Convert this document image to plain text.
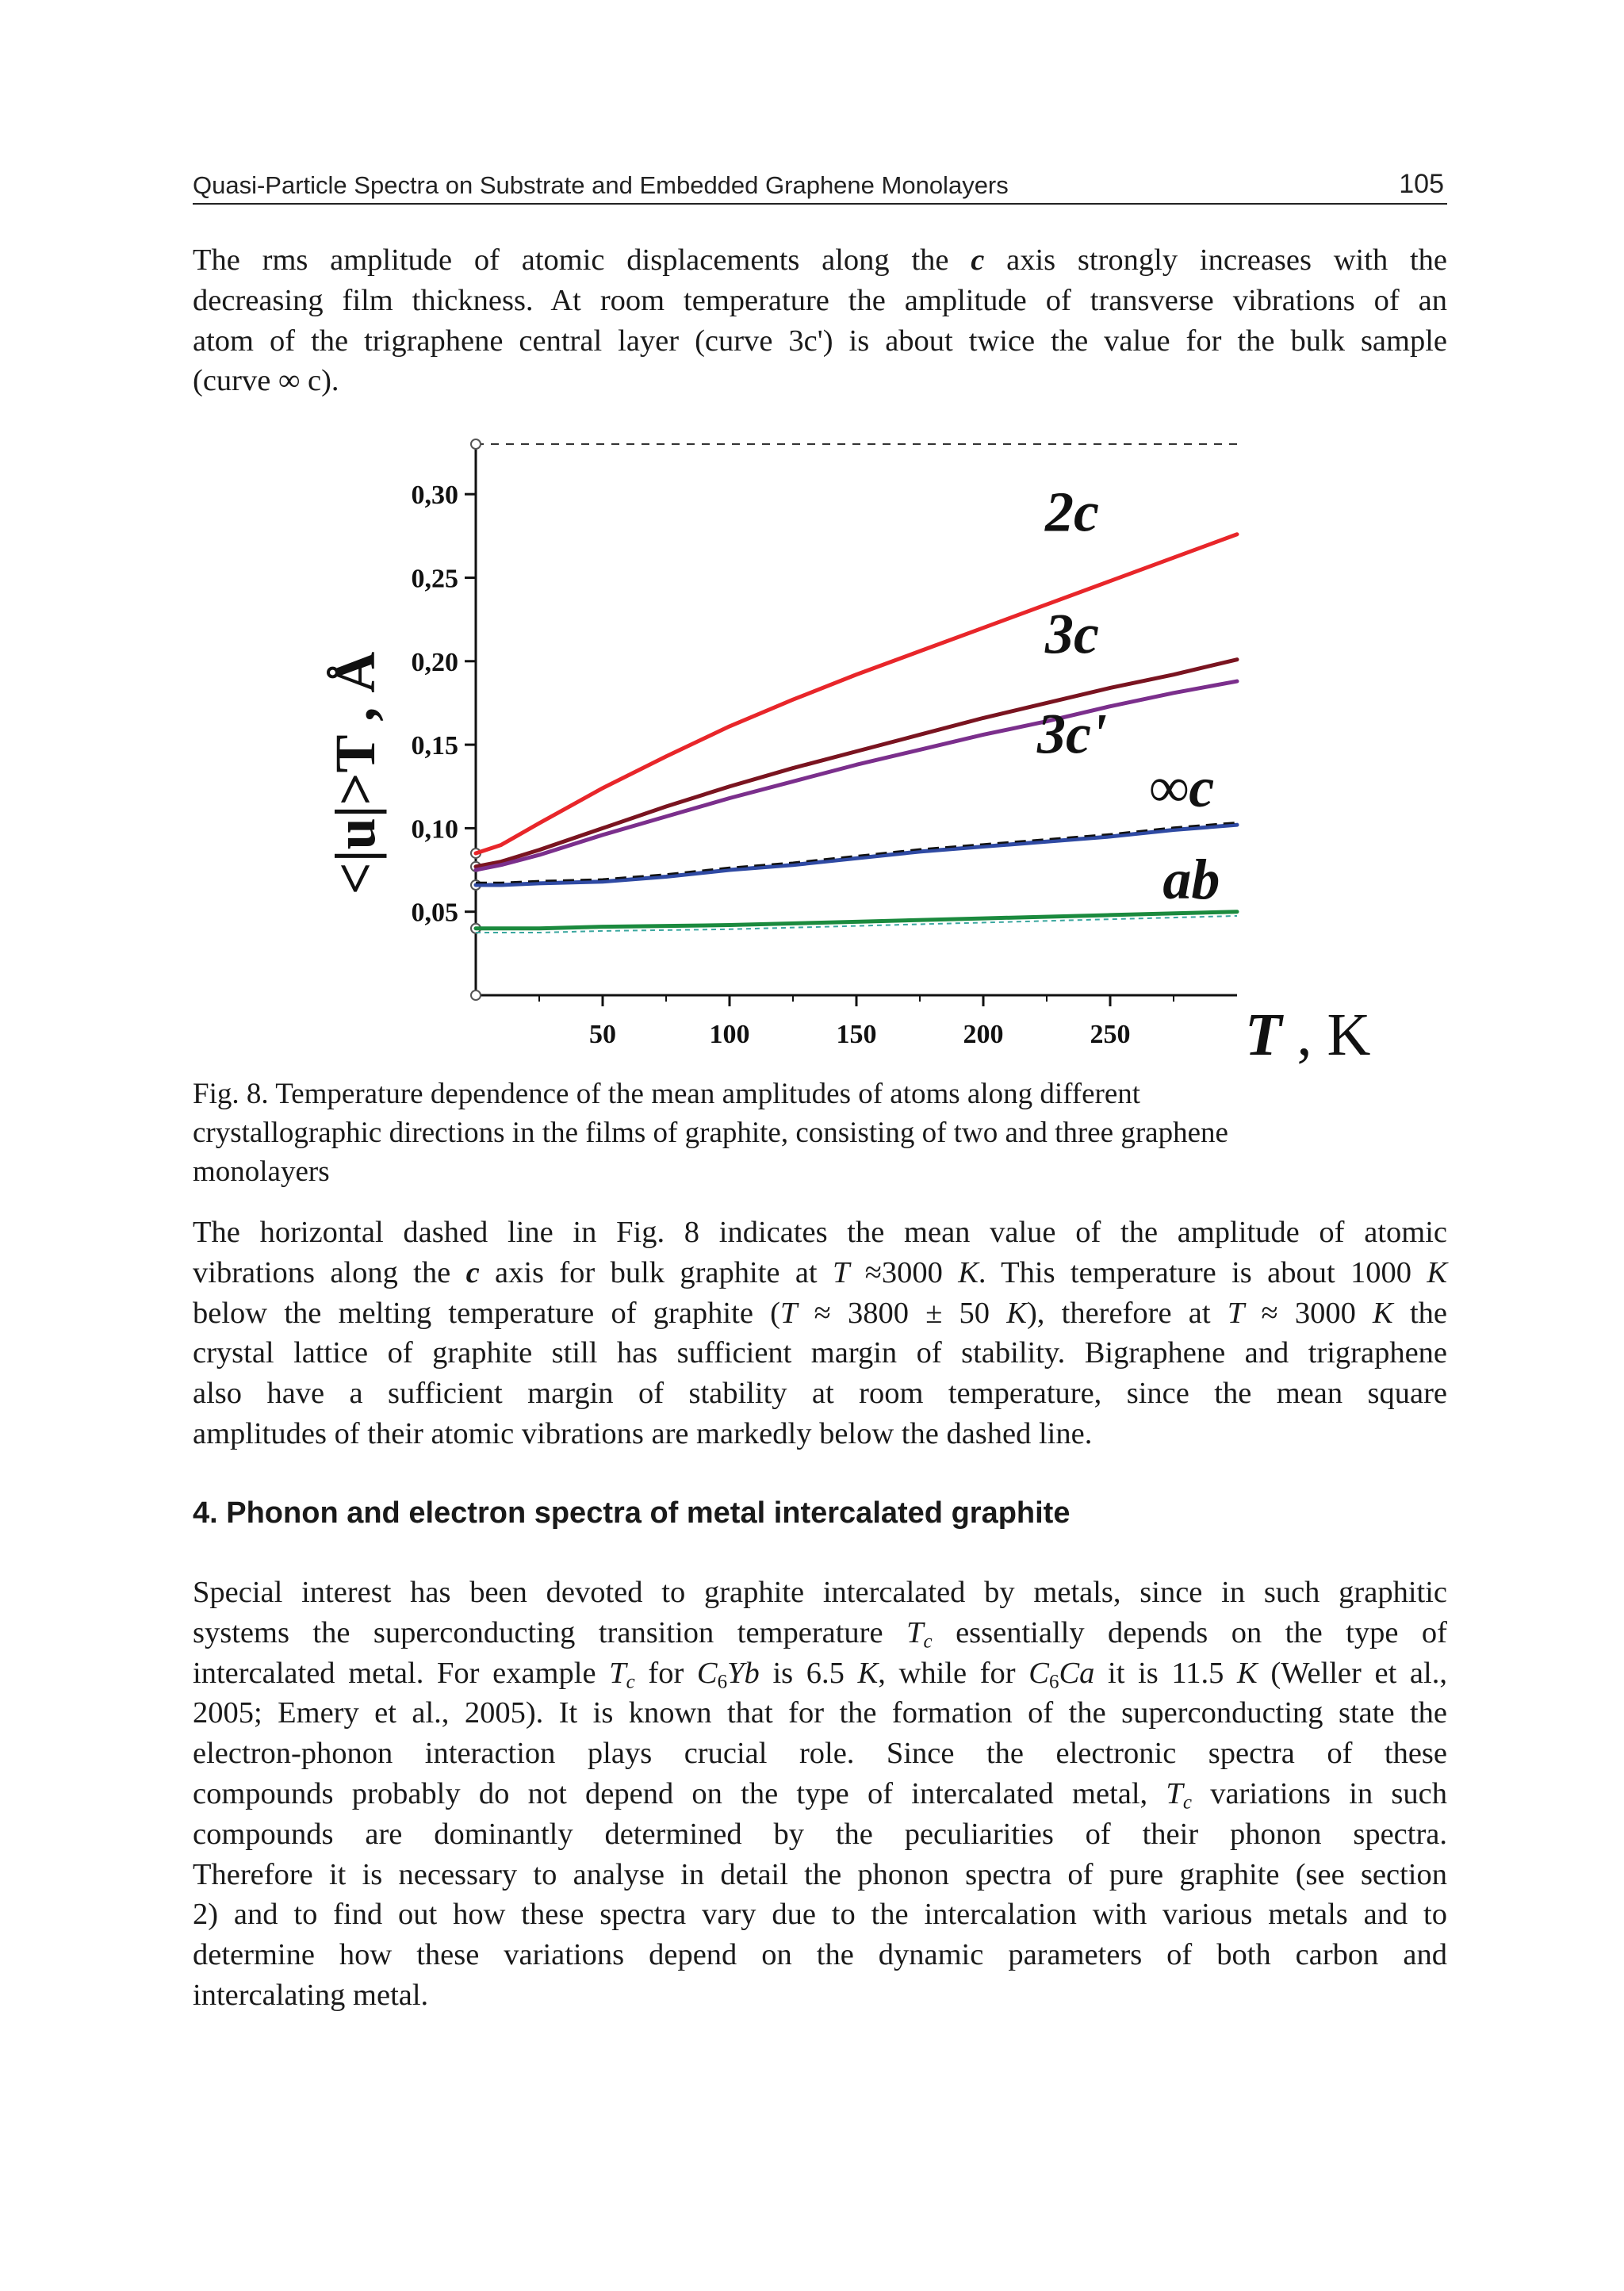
Quasi-Particle Spectra on Substrate and Embedded Graphene Monolayers	105
The rms amplitude of atomic displacements along the c axis strongly increases with the
decreasing film thickness. At room temperature the amplitude of transverse vibrations of an
atom of the trigraphene central layer (curve 3c') is about twice the value for the bulk sample
(curve ∞ c).
0,05
0,10
0,15
0,20
0,25
0,30
50	100	150	200	250
2c
3c
3c'
∞c
ab
T , K
<|u|>T , Å
Fig. 8. Temperature dependence of the mean amplitudes of atoms along different
crystallographic directions in the films of graphite, consisting of two and three graphene
monolayers
The horizontal dashed line in Fig. 8 indicates the mean value of the amplitude of atomic
vibrations along the c axis for bulk graphite at T ≈3000 K. This temperature is about 1000 K
below the melting temperature of graphite (T ≈ 3800 ± 50 K), therefore at T ≈ 3000 K the
crystal lattice of graphite still has sufficient margin of stability. Bigraphene and trigraphene
also have a sufficient margin of stability at room temperature, since the mean square
amplitudes of their atomic vibrations are markedly below the dashed line.
4. Phonon and electron spectra of metal intercalated graphite
Special interest has been devoted to graphite intercalated by metals, since in such graphitic
systems the superconducting transition temperature $T_c$ essentially depends on the type of
intercalated metal. For example $T_c$ for $C_6Yb$ is 6.5 K, while for $C_6Ca$ it is 11.5 K (Weller et al.,
2005; Emery et al., 2005). It is known that for the formation of the superconducting state the
electron-phonon interaction plays crucial role. Since the electronic spectra of these
compounds probably do not depend on the type of intercalated metal, $T_c$ variations in such
compounds are dominantly determined by the peculiarities of their phonon spectra.
Therefore it is necessary to analyse in detail the phonon spectra of pure graphite (see section
2) and to find out how these spectra vary due to the intercalation with various metals and to
determine how these variations depend on the dynamic parameters of both carbon and
intercalating metal.
